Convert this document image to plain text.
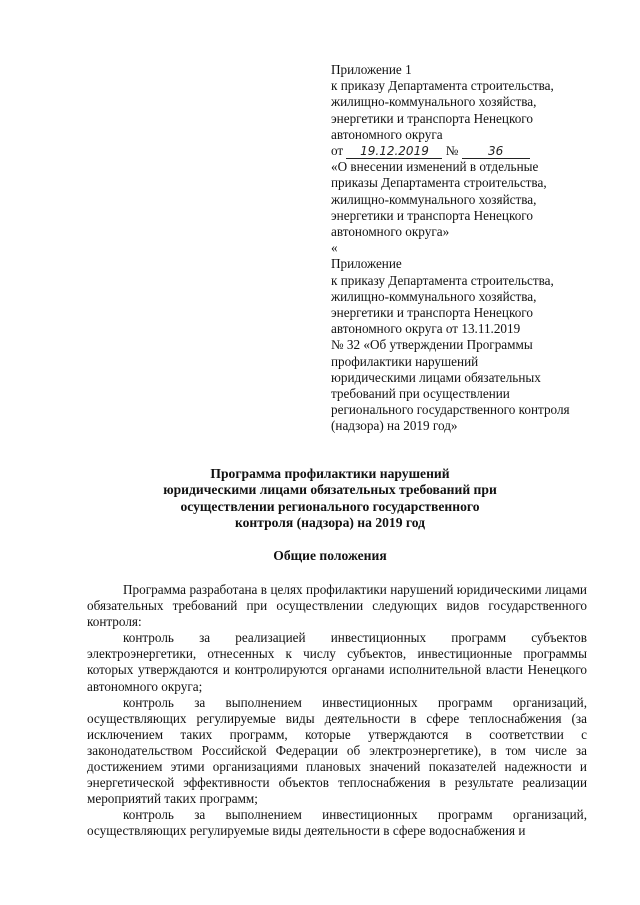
Приложение 1
к приказу Департамента строительства,
жилищно-коммунального хозяйства,
энергетики и транспорта Ненецкого
автономного округа
от 19.12.2019 № 36
«О внесении изменений в отдельные
приказы Департамента строительства,
жилищно-коммунального хозяйства,
энергетики и транспорта Ненецкого
автономного округа»
«
Приложение
к приказу Департамента строительства,
жилищно-коммунального хозяйства,
энергетики и транспорта Ненецкого
автономного округа от 13.11.2019
№ 32 «Об утверждении Программы
профилактики нарушений
юридическими лицами обязательных
требований при осуществлении
регионального государственного контроля
(надзора) на 2019 год»
Программа профилактики нарушений
юридическими лицами обязательных требований при
осуществлении регионального государственного
контроля (надзора) на 2019 год
Общие положения

Программа разработана в целях профилактики нарушений юридическими лицами обязательных требований при осуществлении следующих видов государственного контроля:

контроль за реализацией инвестиционных программ субъектов электроэнергетики, отнесенных к числу субъектов, инвестиционные программы которых утверждаются и контролируются органами исполнительной власти Ненецкого автономного округа;

контроль за выполнением инвестиционных программ организаций, осуществляющих регулируемые виды деятельности в сфере теплоснабжения (за исключением таких программ, которые утверждаются в соответствии с законодательством Российской Федерации об электроэнергетике), в том числе за достижением этими организациями плановых значений показателей надежности и энергетической эффективности объектов теплоснабжения в результате реализации мероприятий таких программ;

контроль за выполнением инвестиционных программ организаций, осуществляющих регулируемые виды деятельности в сфере водоснабжения и
